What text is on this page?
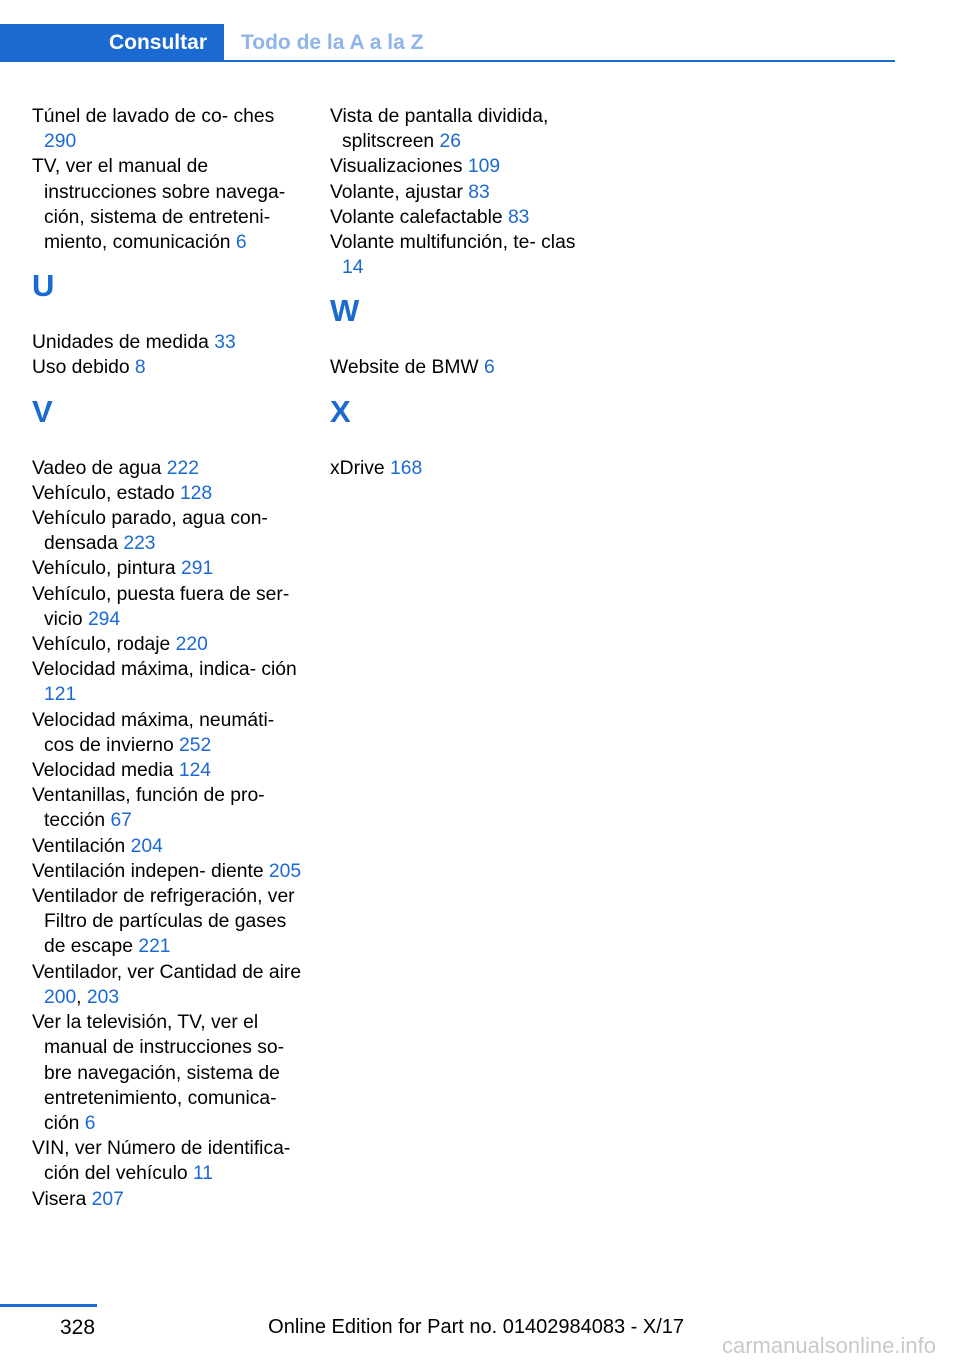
Consultar	Todo de la A a la Z
Túnel de lavado de co‐ ches 290
TV, ver el manual de instrucciones sobre navega‐ ción, sistema de entreteni‐ miento, comunicación 6
U
Unidades de medida 33
Uso debido 8
V
Vadeo de agua 222
Vehículo, estado 128
Vehículo parado, agua con‐ densada 223
Vehículo, pintura 291
Vehículo, puesta fuera de ser‐ vicio 294
Vehículo, rodaje 220
Velocidad máxima, indica‐ ción 121
Velocidad máxima, neumáti‐ cos de invierno 252
Velocidad media 124
Ventanillas, función de pro‐ tección 67
Ventilación 204
Ventilación indepen‐ diente 205
Ventilador de refrigeración, ver Filtro de partículas de gases de escape 221
Ventilador, ver Cantidad de aire 200, 203
Ver la televisión, TV, ver el manual de instrucciones so‐ bre navegación, sistema de entretenimiento, comunica‐ ción 6
VIN, ver Número de identifica‐ ción del vehículo 11
Visera 207
Vista de pantalla dividida, splitscreen 26
Visualizaciones 109
Volante, ajustar 83
Volante calefactable 83
Volante multifunción, te‐ clas 14
W
Website de BMW 6
X
xDrive 168
328	Online Edition for Part no. 01402984083 - X/17
carmanualsonline.info
